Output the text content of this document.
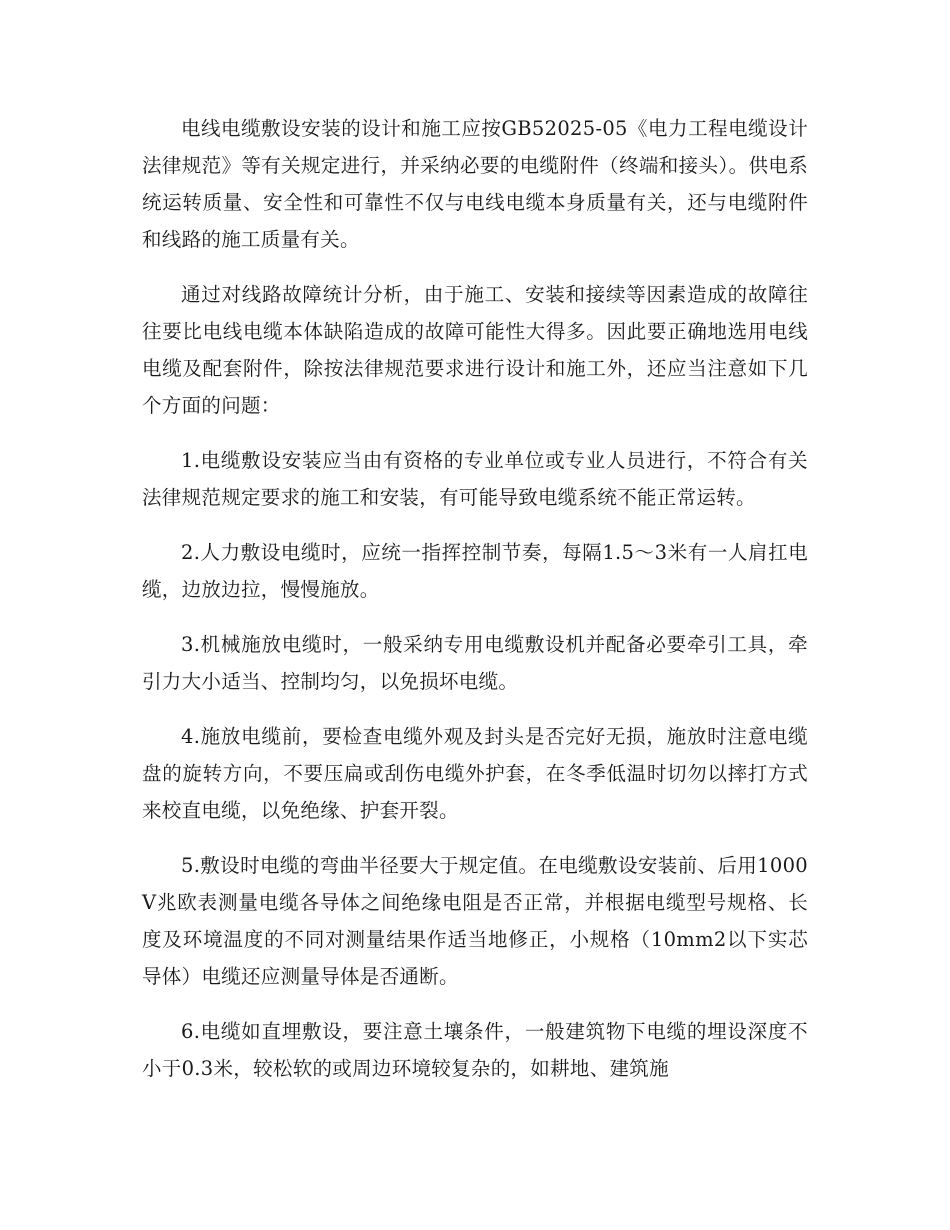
电线电缆敷设安装的设计和施工应按GB52025-05《电力工程电缆设计法律规范》等有关规定进行，并采纳必要的电缆附件（终端和接头）。供电系统运转质量、安全性和可靠性不仅与电线电缆本身质量有关，还与电缆附件和线路的施工质量有关。

通过对线路故障统计分析，由于施工、安装和接续等因素造成的故障往往要比电线电缆本体缺陷造成的故障可能性大得多。因此要正确地选用电线电缆及配套附件，除按法律规范要求进行设计和施工外，还应当注意如下几个方面的问题：

1.电缆敷设安装应当由有资格的专业单位或专业人员进行，不符合有关法律规范规定要求的施工和安装，有可能导致电缆系统不能正常运转。

2.人力敷设电缆时，应统一指挥控制节奏，每隔1.5～3米有一人肩扛电缆，边放边拉，慢慢施放。

3.机械施放电缆时，一般采纳专用电缆敷设机并配备必要牵引工具，牵引力大小适当、控制均匀，以免损坏电缆。

4.施放电缆前，要检查电缆外观及封头是否完好无损，施放时注意电缆盘的旋转方向，不要压扁或刮伤电缆外护套，在冬季低温时切勿以摔打方式来校直电缆，以免绝缘、护套开裂。

5.敷设时电缆的弯曲半径要大于规定值。在电缆敷设安装前、后用1000V兆欧表测量电缆各导体之间绝缘电阻是否正常，并根据电缆型号规格、长度及环境温度的不同对测量结果作适当地修正，小规格（10mm2以下实芯导体）电缆还应测量导体是否通断。

6.电缆如直埋敷设，要注意土壤条件，一般建筑物下电缆的埋设深度不小于0.3米，较松软的或周边环境较复杂的，如耕地、建筑施
